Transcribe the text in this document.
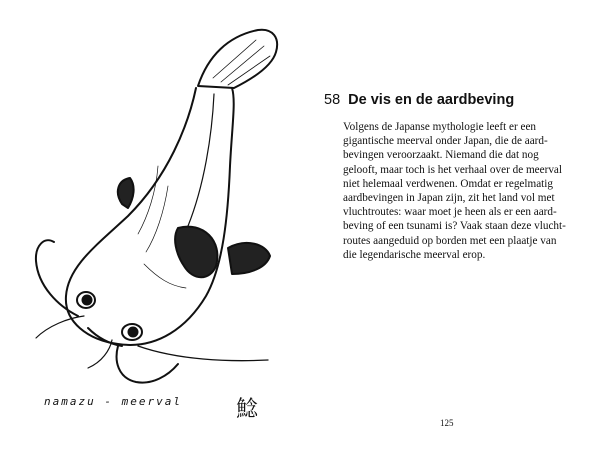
namazu - meerval 鯰
58 De vis en de aardbeving
Volgens de Japanse mythologie leeft er een
gigantische meerval onder Japan, die de aard-
bevingen veroorzaakt. Niemand die dat nog
gelooft, maar toch is het verhaal over de meerval
niet helemaal verdwenen. Omdat er regelmatig
aardbevingen in Japan zijn, zit het land vol met
vluchtroutes: waar moet je heen als er een aard-
beving of een tsunami is? Vaak staan deze vlucht-
routes aangeduid op borden met een plaatje van
die legendarische meerval erop.
125
